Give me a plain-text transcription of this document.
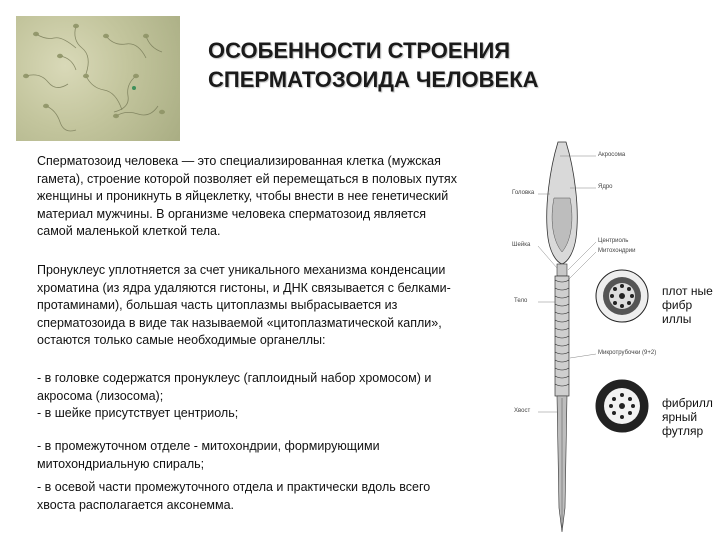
ОСОБЕННОСТИ СТРОЕНИЯ
СПЕРМАТОЗОИДА ЧЕЛОВЕКА
Сперматозоид человека — это специализированная клетка (мужская гамета), строение которой позволяет ей перемещаться в половых путях женщины и проникнуть в яйцеклетку, чтобы внести в нее генетический материал мужчины. В организме человека сперматозоид является самой маленькой клеткой тела.
Пронуклеус уплотняется за счет уникального механизма конденсации хроматина (из ядра удаляются гистоны, и ДНК связывается с белками-протаминами), большая часть цитоплазмы выбрасывается из сперматозоида в виде так называемой «цитоплазматической капли», остаются только самые необходимые органеллы:
- в головке содержатся пронуклеус (гаплоидный набор хромосом) и акросома (лизосома);
- в шейке присутствует центриоль;
- в промежуточном отделе - митохондрии, формирующими митохондриальную спираль;
- в осевой части промежуточного отдела и практически вдоль всего хвоста располагается аксонемма.
Акросома
Ядро
Головка
Шейка
Центриоль
Митохондрии
Тело
Микротрубочки (9+2)
Хвост
плот ные фибр иллы
фибрилл ярный футляр
